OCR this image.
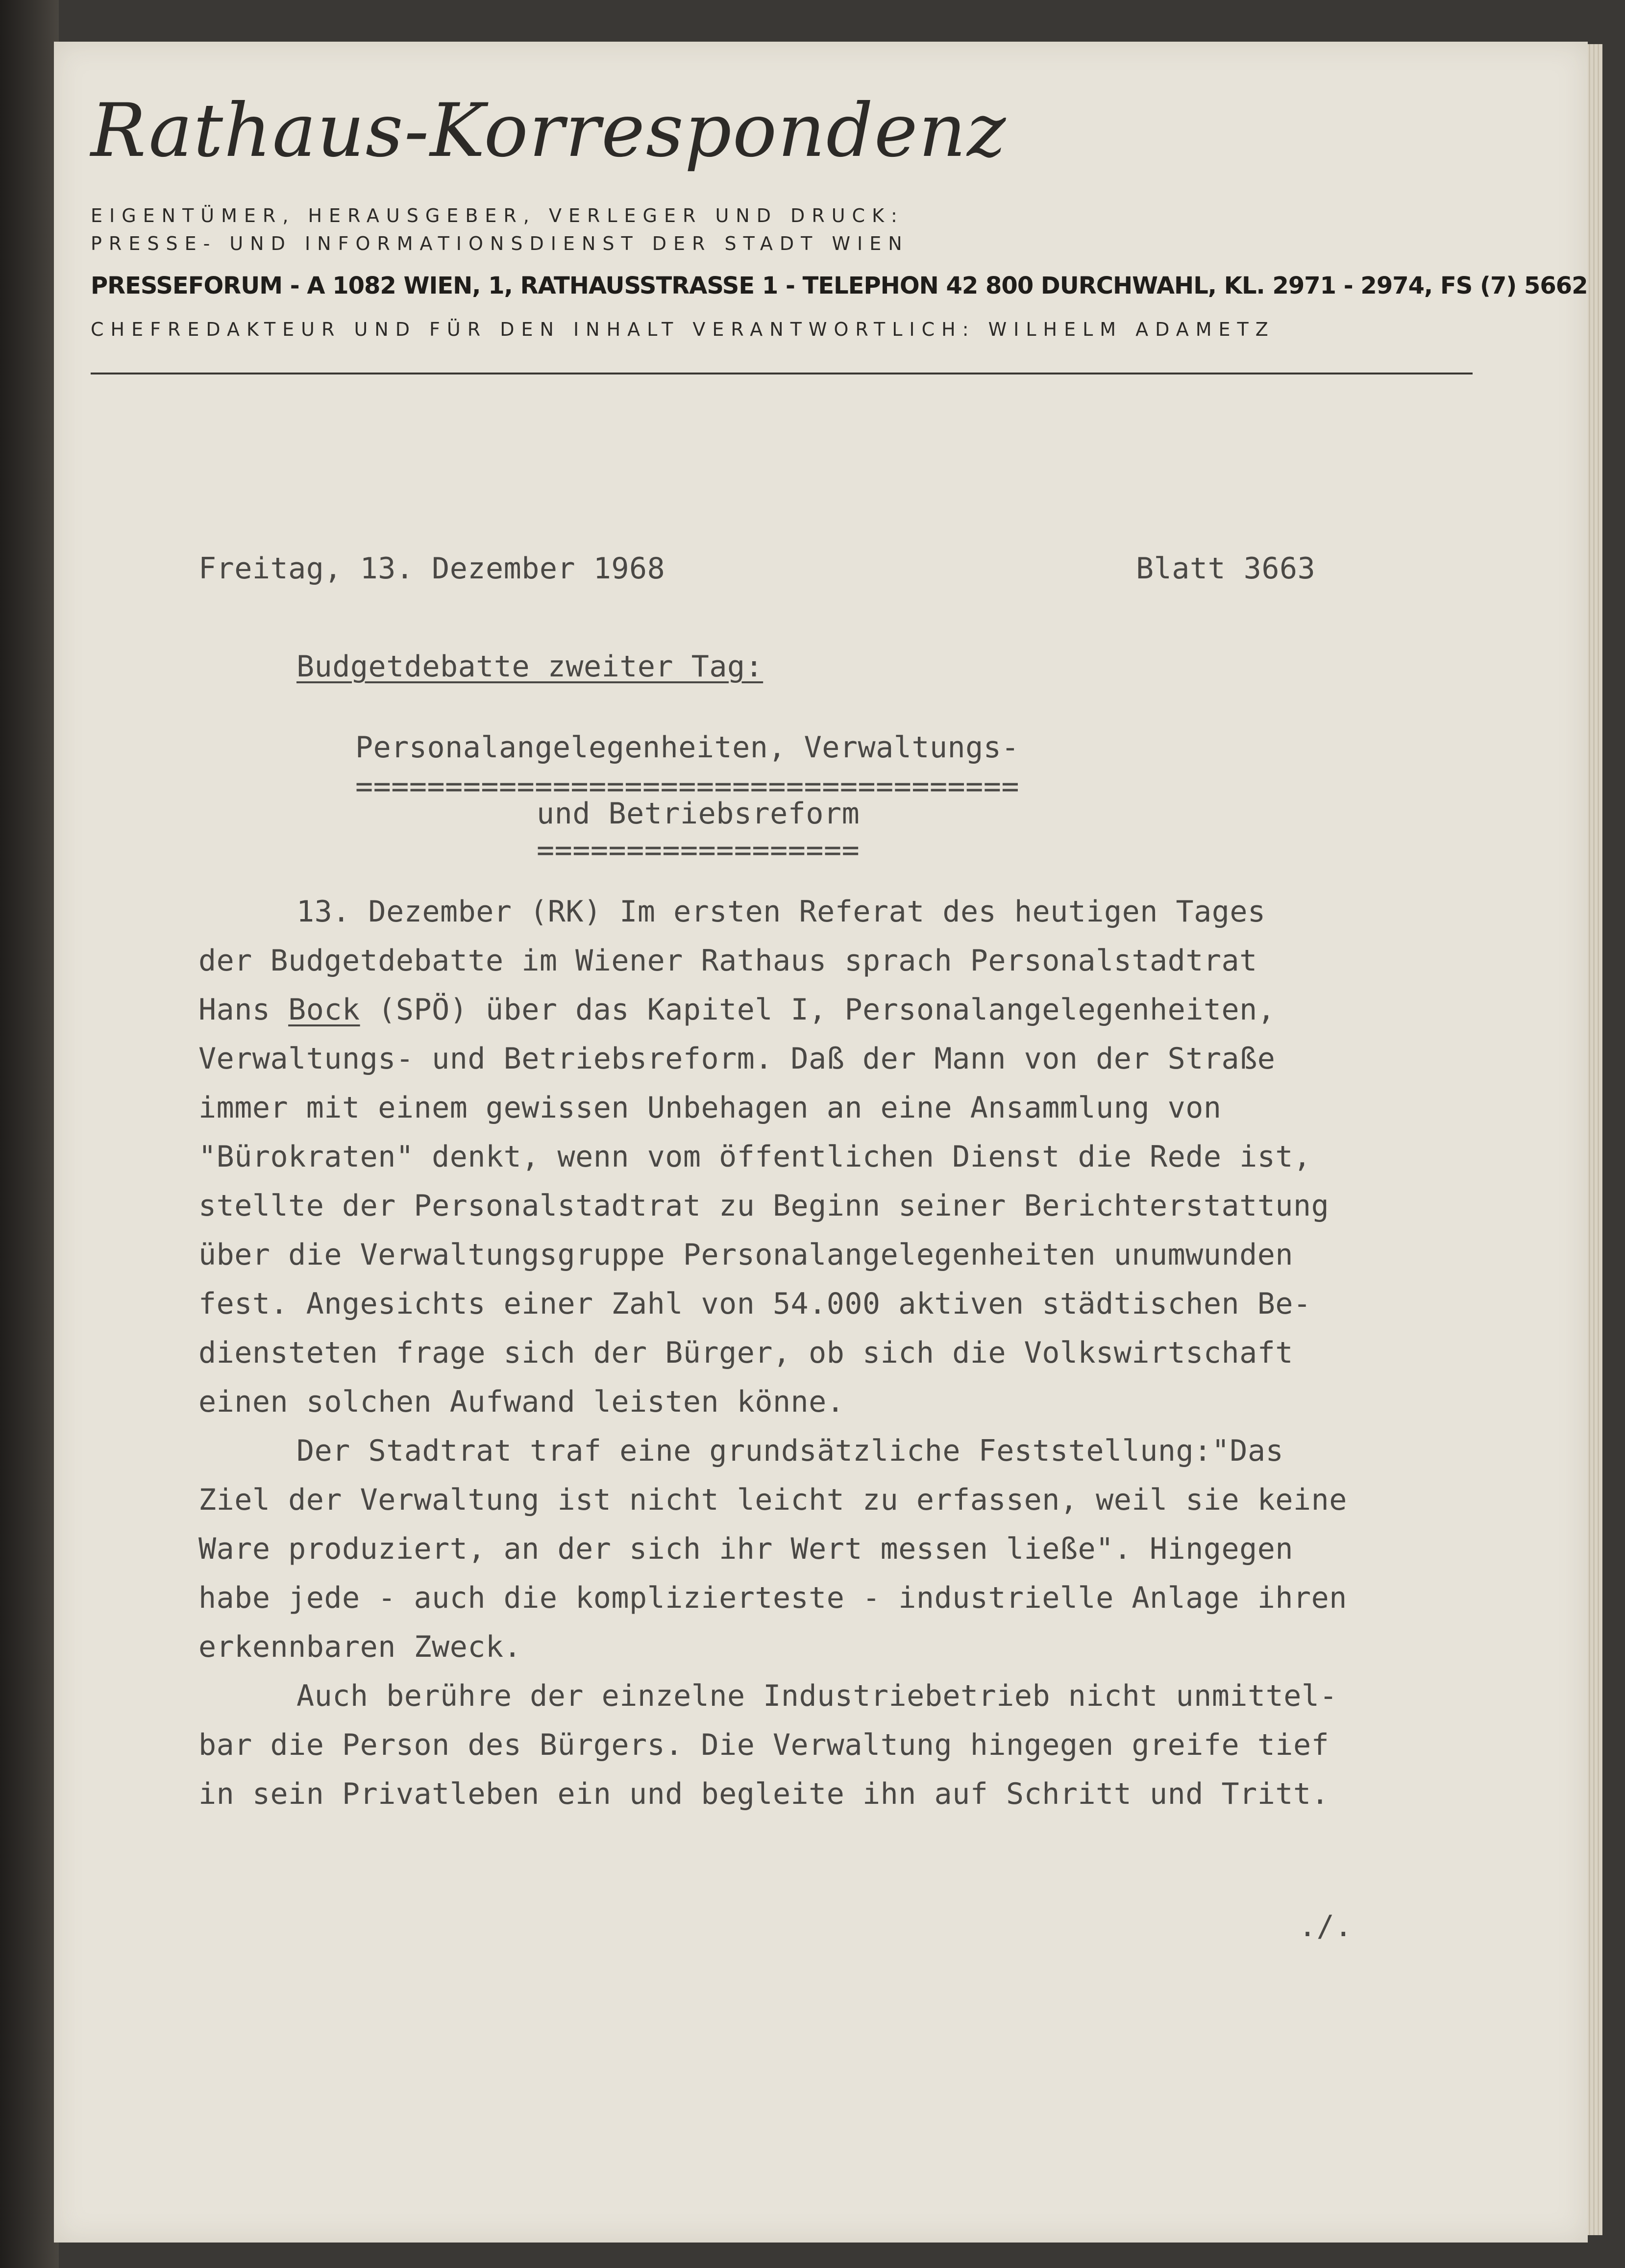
Rathaus-Korrespondenz
EIGENTÜMER, HERAUSGEBER, VERLEGER UND DRUCK:
PRESSE- UND INFORMATIONSDIENST DER STADT WIEN
PRESSEFORUM - A 1082 WIEN, 1, RATHAUSSTRASSE 1 - TELEPHON 42 800 DURCHWAHL, KL. 2971 - 2974, FS (7) 5662
CHEFREDAKTEUR UND FÜR DEN INHALT VERANTWORTLICH: WILHELM ADAMETZ
Freitag, 13. Dezember 1968	Blatt 3663
Budgetdebatte zweiter Tag:
Personalangelegenheiten, Verwaltungs-
=====================================
und Betriebsreform
==================
13. Dezember (RK) Im ersten Referat des heutigen Tages
der Budgetdebatte im Wiener Rathaus sprach Personalstadtrat
Hans Bock (SPÖ) über das Kapitel I, Personalangelegenheiten,
Verwaltungs- und Betriebsreform. Daß der Mann von der Straße
immer mit einem gewissen Unbehagen an eine Ansammlung von
"Bürokraten" denkt, wenn vom öffentlichen Dienst die Rede ist,
stellte der Personalstadtrat zu Beginn seiner Berichterstattung
über die Verwaltungsgruppe Personalangelegenheiten unumwunden
fest. Angesichts einer Zahl von 54.000 aktiven städtischen Be-
diensteten frage sich der Bürger, ob sich die Volkswirtschaft
einen solchen Aufwand leisten könne.
Der Stadtrat traf eine grundsätzliche Feststellung:"Das
Ziel der Verwaltung ist nicht leicht zu erfassen, weil sie keine
Ware produziert, an der sich ihr Wert messen ließe". Hingegen
habe jede - auch die komplizierteste - industrielle Anlage ihren
erkennbaren Zweck.
Auch berühre der einzelne Industriebetrieb nicht unmittel-
bar die Person des Bürgers. Die Verwaltung hingegen greife tief
in sein Privatleben ein und begleite ihn auf Schritt und Tritt.
./.
